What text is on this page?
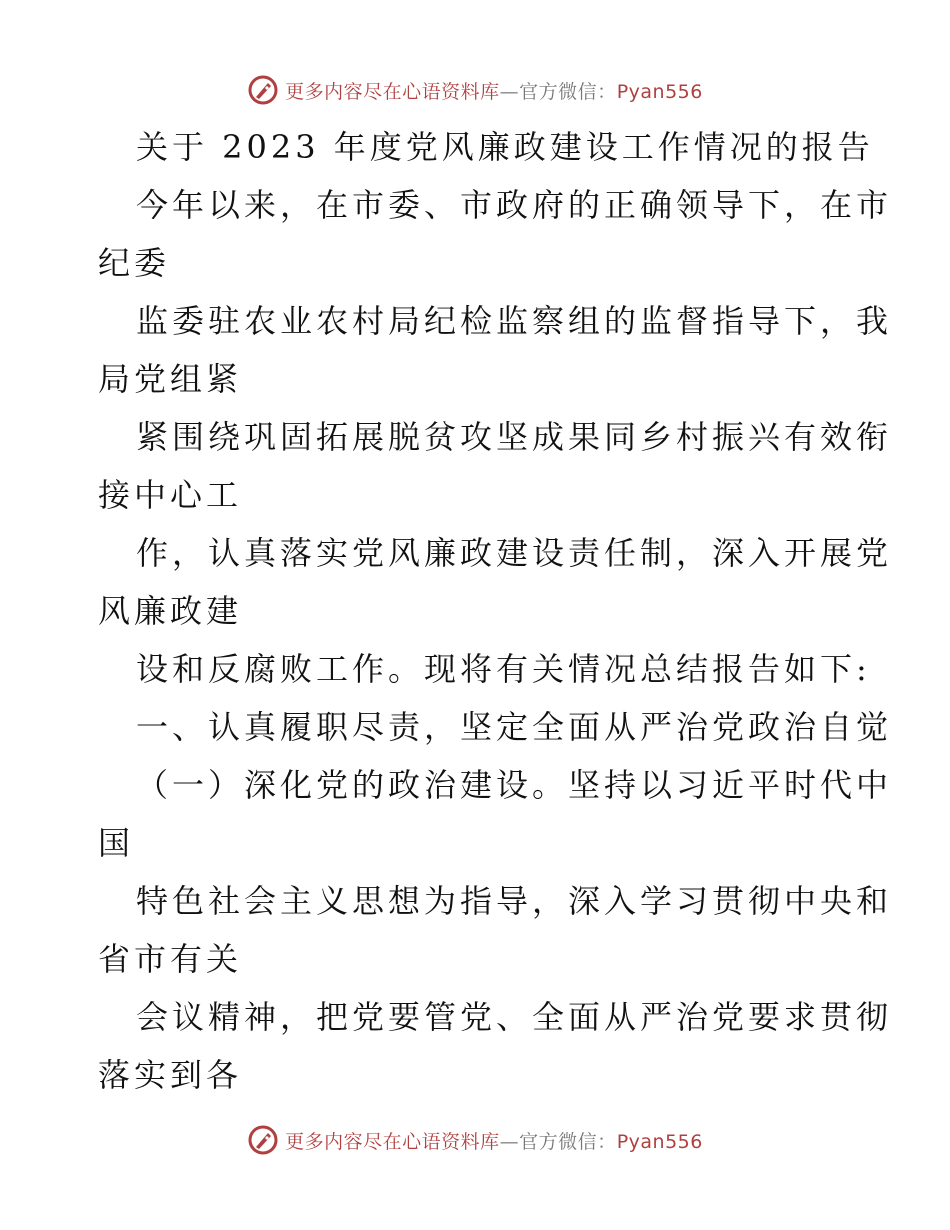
更多内容尽在心语资料库—官方微信：Pyan556
关于 2023 年度党风廉政建设工作情况的报告
今年以来，在市委、市政府的正确领导下，在市
纪委
监委驻农业农村局纪检监察组的监督指导下，我
局党组紧
紧围绕巩固拓展脱贫攻坚成果同乡村振兴有效衔
接中心工
作，认真落实党风廉政建设责任制，深入开展党
风廉政建
设和反腐败工作。现将有关情况总结报告如下:
一、认真履职尽责，坚定全面从严治党政治自觉
（一）深化党的政治建设。坚持以习近平时代中
国
特色社会主义思想为指导，深入学习贯彻中央和
省市有关
会议精神，把党要管党、全面从严治党要求贯彻
落实到各
更多内容尽在心语资料库—官方微信：Pyan556
